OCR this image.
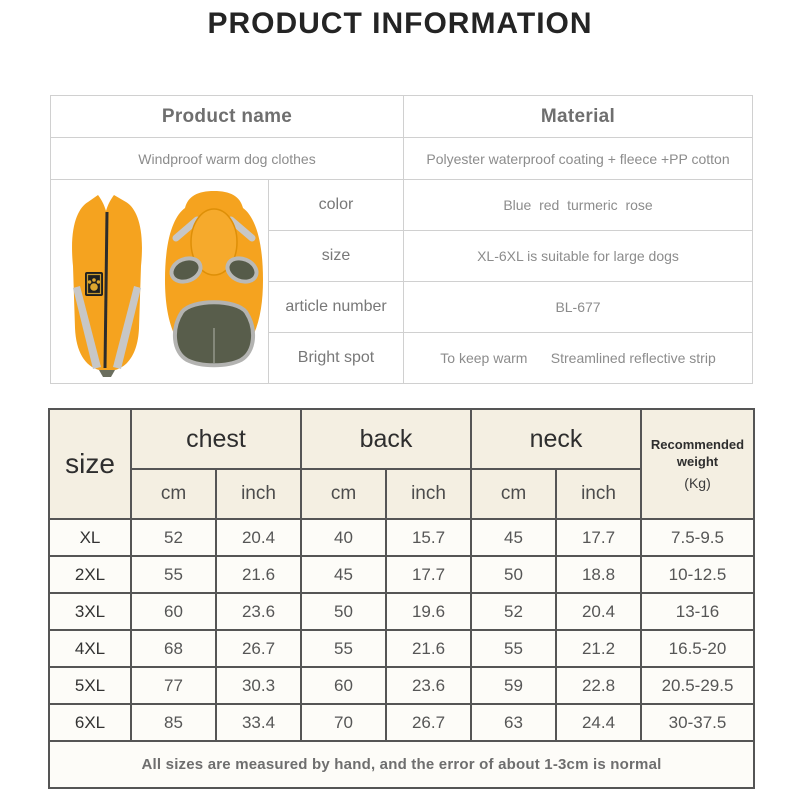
PRODUCT INFORMATION
Product name		Material
Windproof warm dog clothes		Polyester waterproof coating + fleece +PP cotton

	color	Blue  red  turmeric  rose
	size	XL-6XL is suitable for large dogs
	article number	BL-677
	Bright spot	To keep warm      Streamlined reflective strip
size	chest		back		neck		Recommended weight
(Kg)

	cm	inch	cm	inch	cm	inch	
XL	52	20.4	40	15.7	45	17.7	7.5-9.5
2XL	55	21.6	45	17.7	50	18.8	10-12.5
3XL	60	23.6	50	19.6	52	20.4	13-16
4XL	68	26.7	55	21.6	55	21.2	16.5-20
5XL	77	30.3	60	23.6	59	22.8	20.5-29.5
6XL	85	33.4	70	26.7	63	24.4	30-37.5
All sizes are measured by hand, and the error of about 1-3cm is normal							
